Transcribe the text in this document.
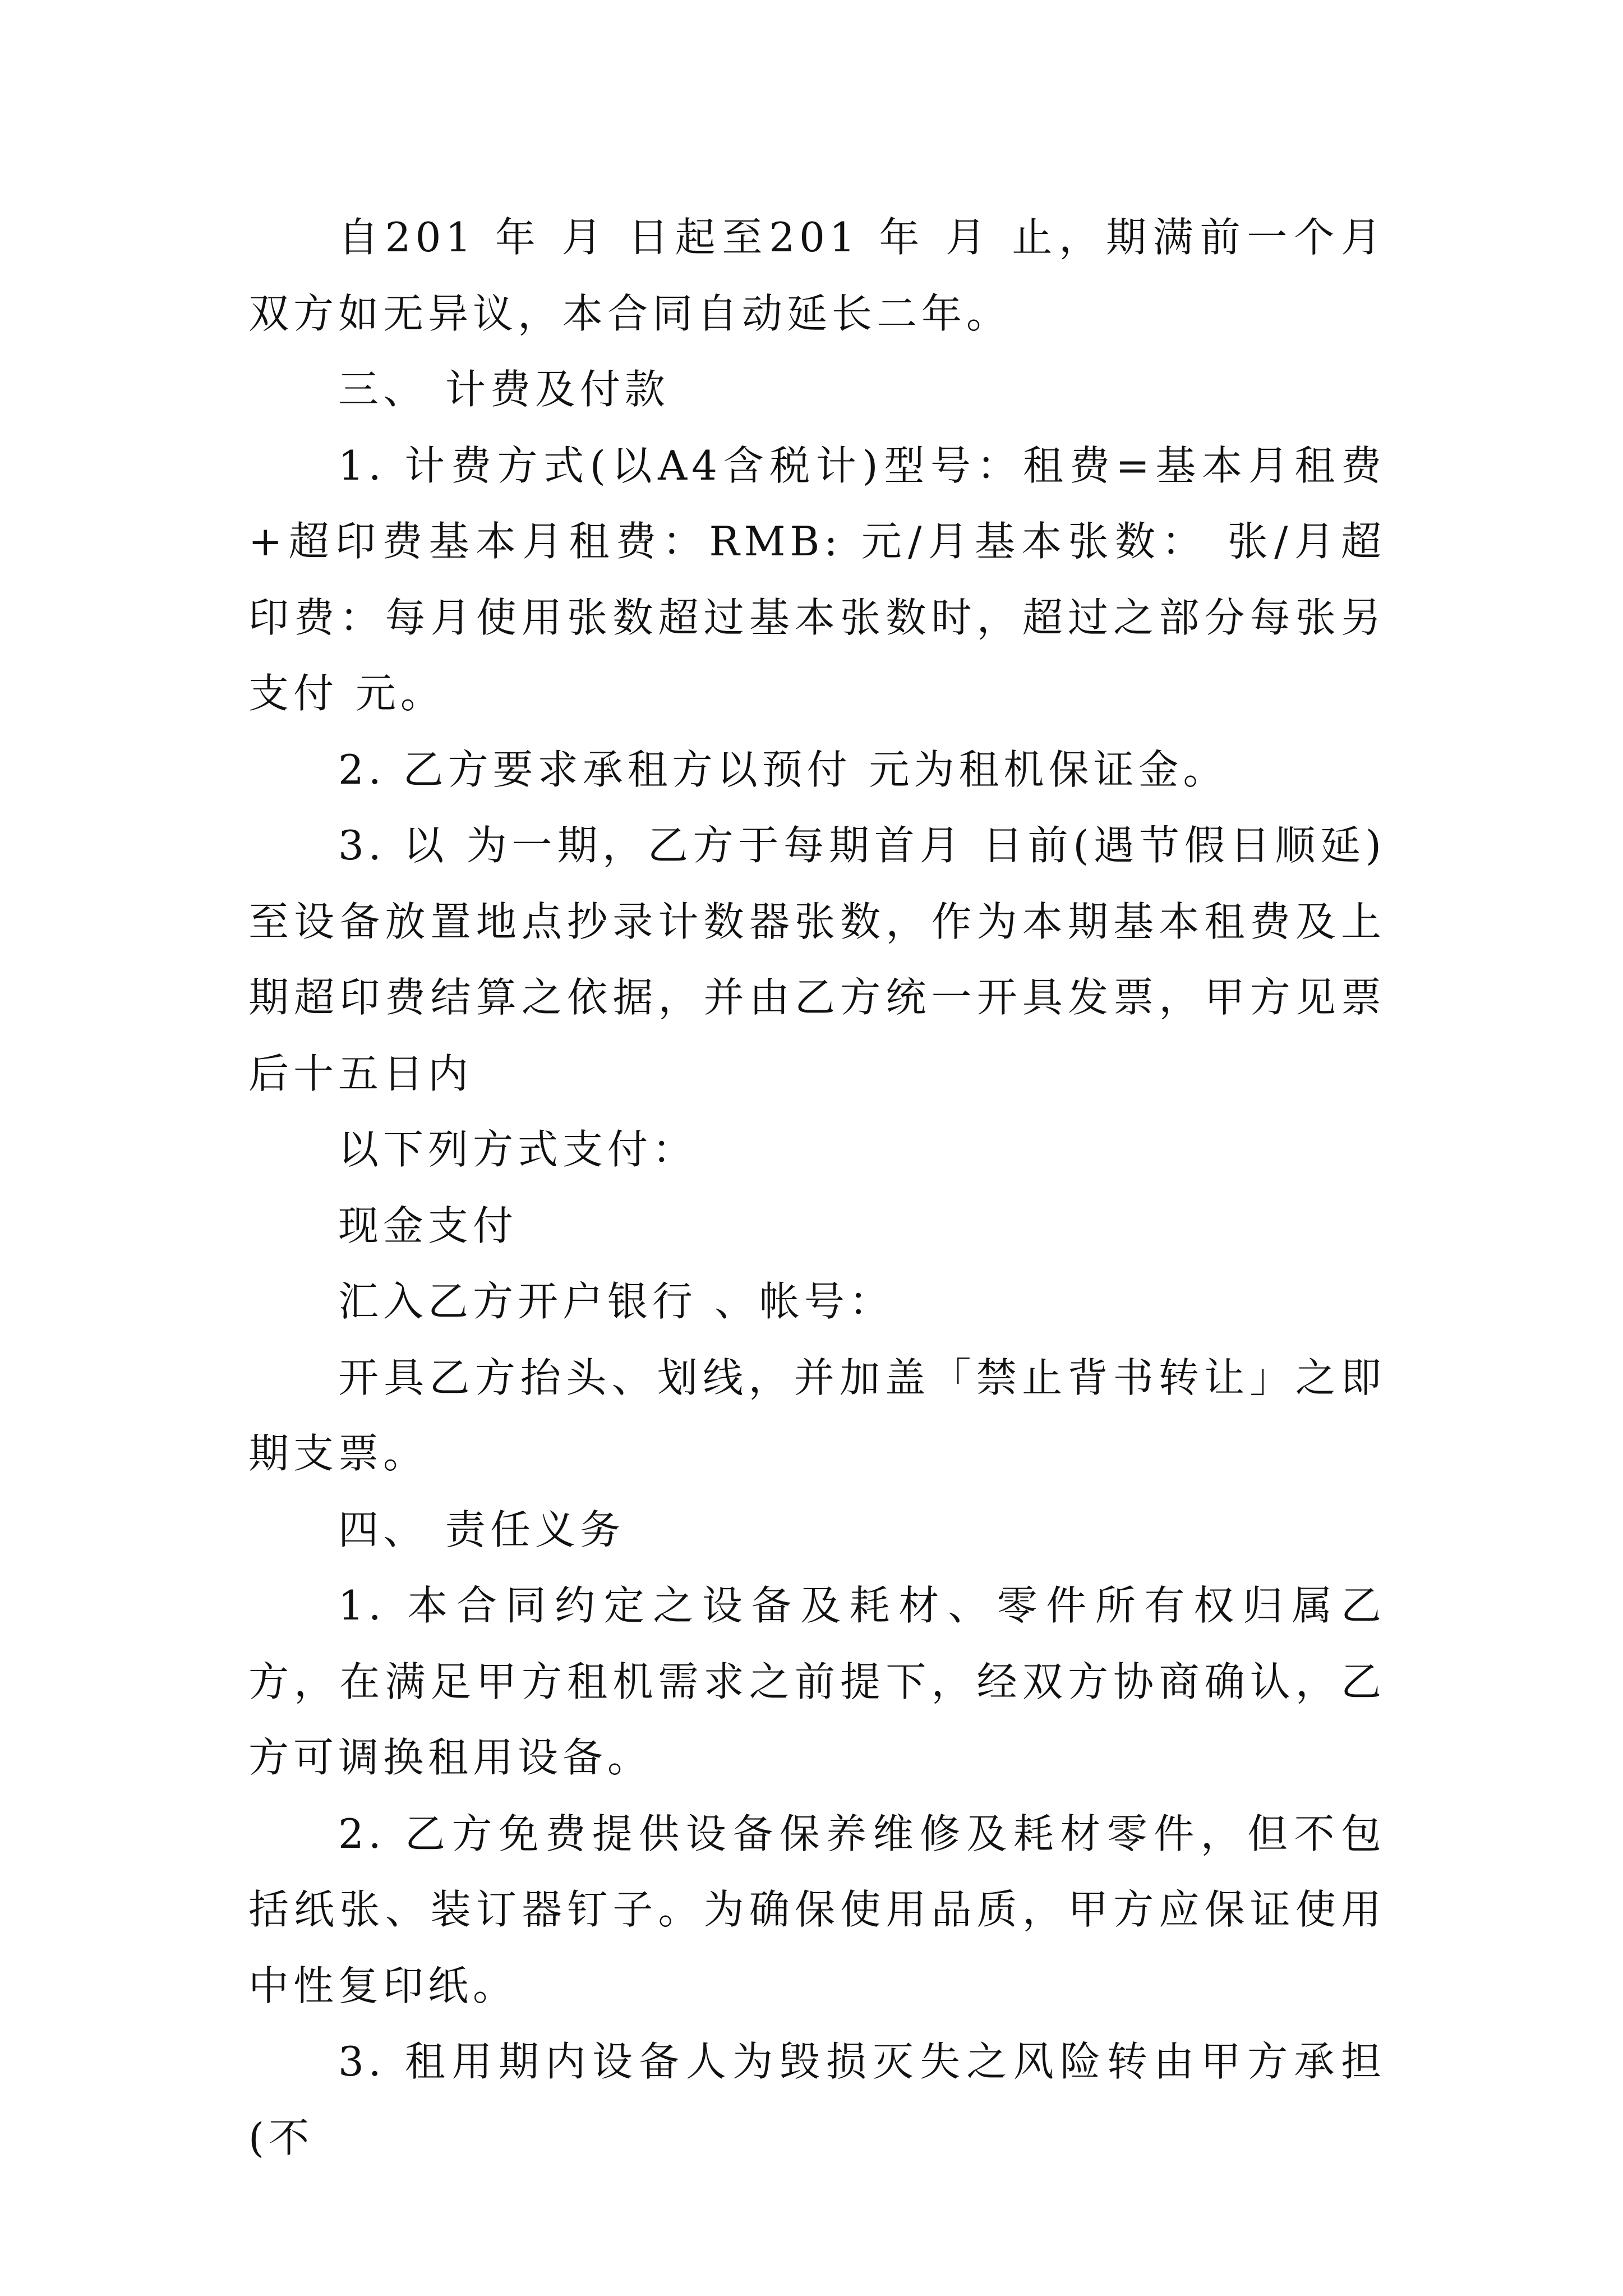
自201 年 月 日起至201 年 月 止，期满前一个月双方如无异议，本合同自动延长二年。

三、 计费及付款

1. 计费方式(以A4含税计)型号：租费=基本月租费+超印费基本月租费：RMB: 元/月基本张数： 张/月超印费：每月使用张数超过基本张数时，超过之部分每张另支付 元。

2. 乙方要求承租方以预付 元为租机保证金。

3. 以 为一期，乙方于每期首月 日前(遇节假日顺延)至设备放置地点抄录计数器张数，作为本期基本租费及上期超印费结算之依据，并由乙方统一开具发票，甲方见票后十五日内

以下列方式支付：

现金支付

汇入乙方开户银行 、帐号：

开具乙方抬头、划线，并加盖「禁止背书转让」之即期支票。

四、 责任义务

1. 本合同约定之设备及耗材、零件所有权归属乙方，在满足甲方租机需求之前提下，经双方协商确认，乙方可调换租用设备。

2. 乙方免费提供设备保养维修及耗材零件，但不包括纸张、装订器钉子。为确保使用品质，甲方应保证使用中性复印纸。

3. 租用期内设备人为毁损灭失之风险转由甲方承担(不
